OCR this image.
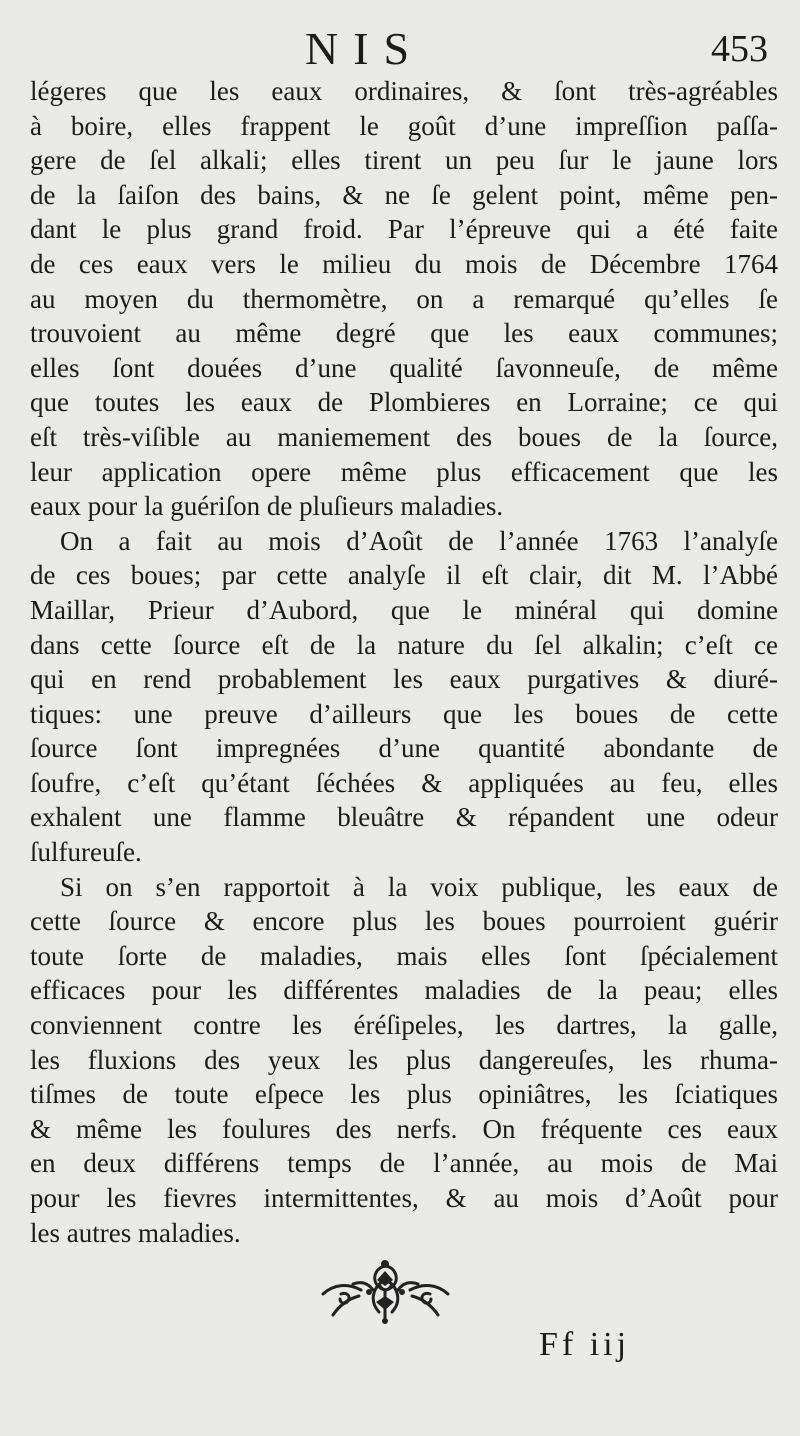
NIS	453
légeres que les eaux ordinaires, & ſont très-agréables
à boire, elles frappent le goût d’une impreſſion paſſa-
gere de ſel alkali; elles tirent un peu ſur le jaune lors
de la ſaiſon des bains, & ne ſe gelent point, même pen-
dant le plus grand froid. Par l’épreuve qui a été faite
de ces eaux vers le milieu du mois de Décembre 1764
au moyen du thermomètre, on a remarqué qu’elles ſe
trouvoient au même degré que les eaux communes;
elles ſont douées d’une qualité ſavonneuſe, de même
que toutes les eaux de Plombieres en Lorraine; ce qui
eſt très-viſible au maniemement des boues de la ſource,
leur application opere même plus efficacement que les
eaux pour la guériſon de pluſieurs maladies.
On a fait au mois d’Août de l’année 1763 l’analyſe
de ces boues; par cette analyſe il eſt clair, dit M. l’Abbé
Maillar, Prieur d’Aubord, que le minéral qui domine
dans cette ſource eſt de la nature du ſel alkalin; c’eſt ce
qui en rend probablement les eaux purgatives & diuré-
tiques: une preuve d’ailleurs que les boues de cette
ſource ſont impregnées d’une quantité abondante de
ſoufre, c’eſt qu’étant ſéchées & appliquées au feu, elles
exhalent une flamme bleuâtre & répandent une odeur
ſulfureuſe.
Si on s’en rapportoit à la voix publique, les eaux de
cette ſource & encore plus les boues pourroient guérir
toute ſorte de maladies, mais elles ſont ſpécialement
efficaces pour les différentes maladies de la peau; elles
conviennent contre les éréſipeles, les dartres, la galle,
les fluxions des yeux les plus dangereuſes, les rhuma-
tiſmes de toute eſpece les plus opiniâtres, les ſciatiques
& même les foulures des nerfs. On fréquente ces eaux
en deux différens temps de l’année, au mois de Mai
pour les fievres intermittentes, & au mois d’Août pour
les autres maladies.
Ff iij
